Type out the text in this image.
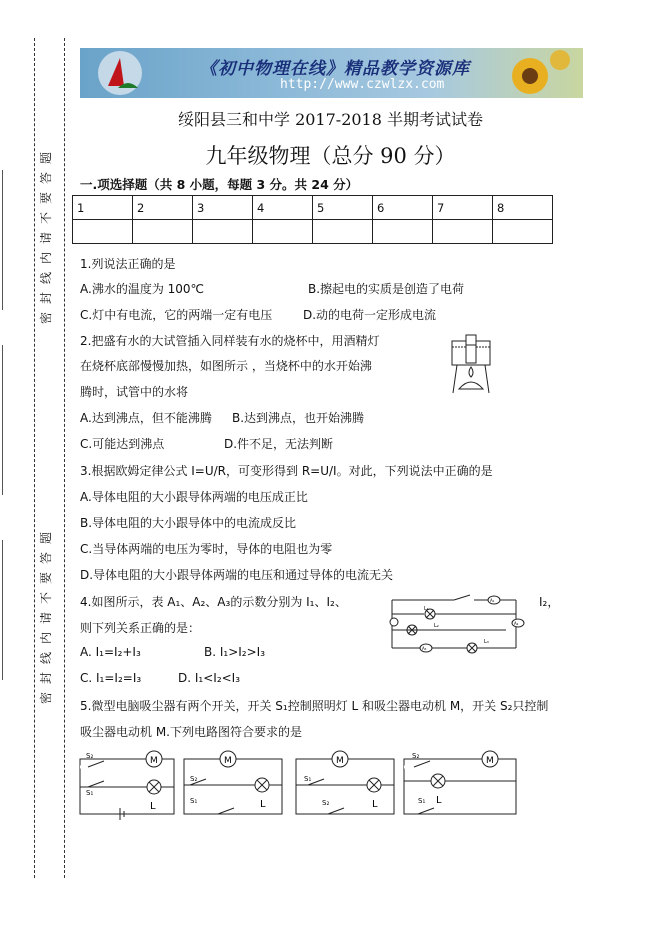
题
答
要
不
请
内
线
封
密
题
答
要
不
请
内
线
封
密
《初中物理在线》精品教学资源库
http://www.czwlzx.com
绥阳县三和中学 2017-2018 半期考试试卷
九年级物理（总分 90 分）
一.项选择题（共 8 小题，每题 3 分。共 24 分）
1	2	3	4	5	6	7	8

1.列说法正确的是
A.沸水的温度为 100℃	B.擦起电的实质是创造了电荷
C.灯中有电流，它的两端一定有电压	D.动的电荷一定形成电流
2.把盛有水的大试管插入同样装有水的烧杯中，用酒精灯
在烧杯底部慢慢加热，如图所示 ，当烧杯中的水开始沸
腾时，试管中的水将
A.达到沸点，但不能沸腾 B.达到沸点，也开始沸腾
C.可能达到沸点	D.件不足，无法判断
3.根据欧姆定律公式 I=U/R，可变形得到 R=U/I。对此，下列说法中正确的是
A.导体电阻的大小跟导体两端的电压成正比
B.导体电阻的大小跟导体中的电流成反比
C.当导体两端的电压为零时，导体的电阻也为零
D.导体电阻的大小跟导体两端的电压和通过导体的电流无关
4.如图所示，表 A₁、A₂、A₃的示数分别为 I₁、I₂、	I₂，
则下列关系正确的是：
A. I₁=I₂+I₃	B. I₁>I₂>I₃
C. I₁=I₂=I₃	D. I₁<I₂<I₃
L₁
L₂
L₃
A₁
A₂
A₃
5.微型电脑吸尘器有两个开关，开关 S₁控制照明灯 L 和吸尘器电动机 M，开关 S₂只控制
吸尘器电动机 M.下列电路图符合要求的是
S₂
S₁
M
L
S₂
S₁
M
L
S₁
S₂
M
L
S₂
S₁
M
L
